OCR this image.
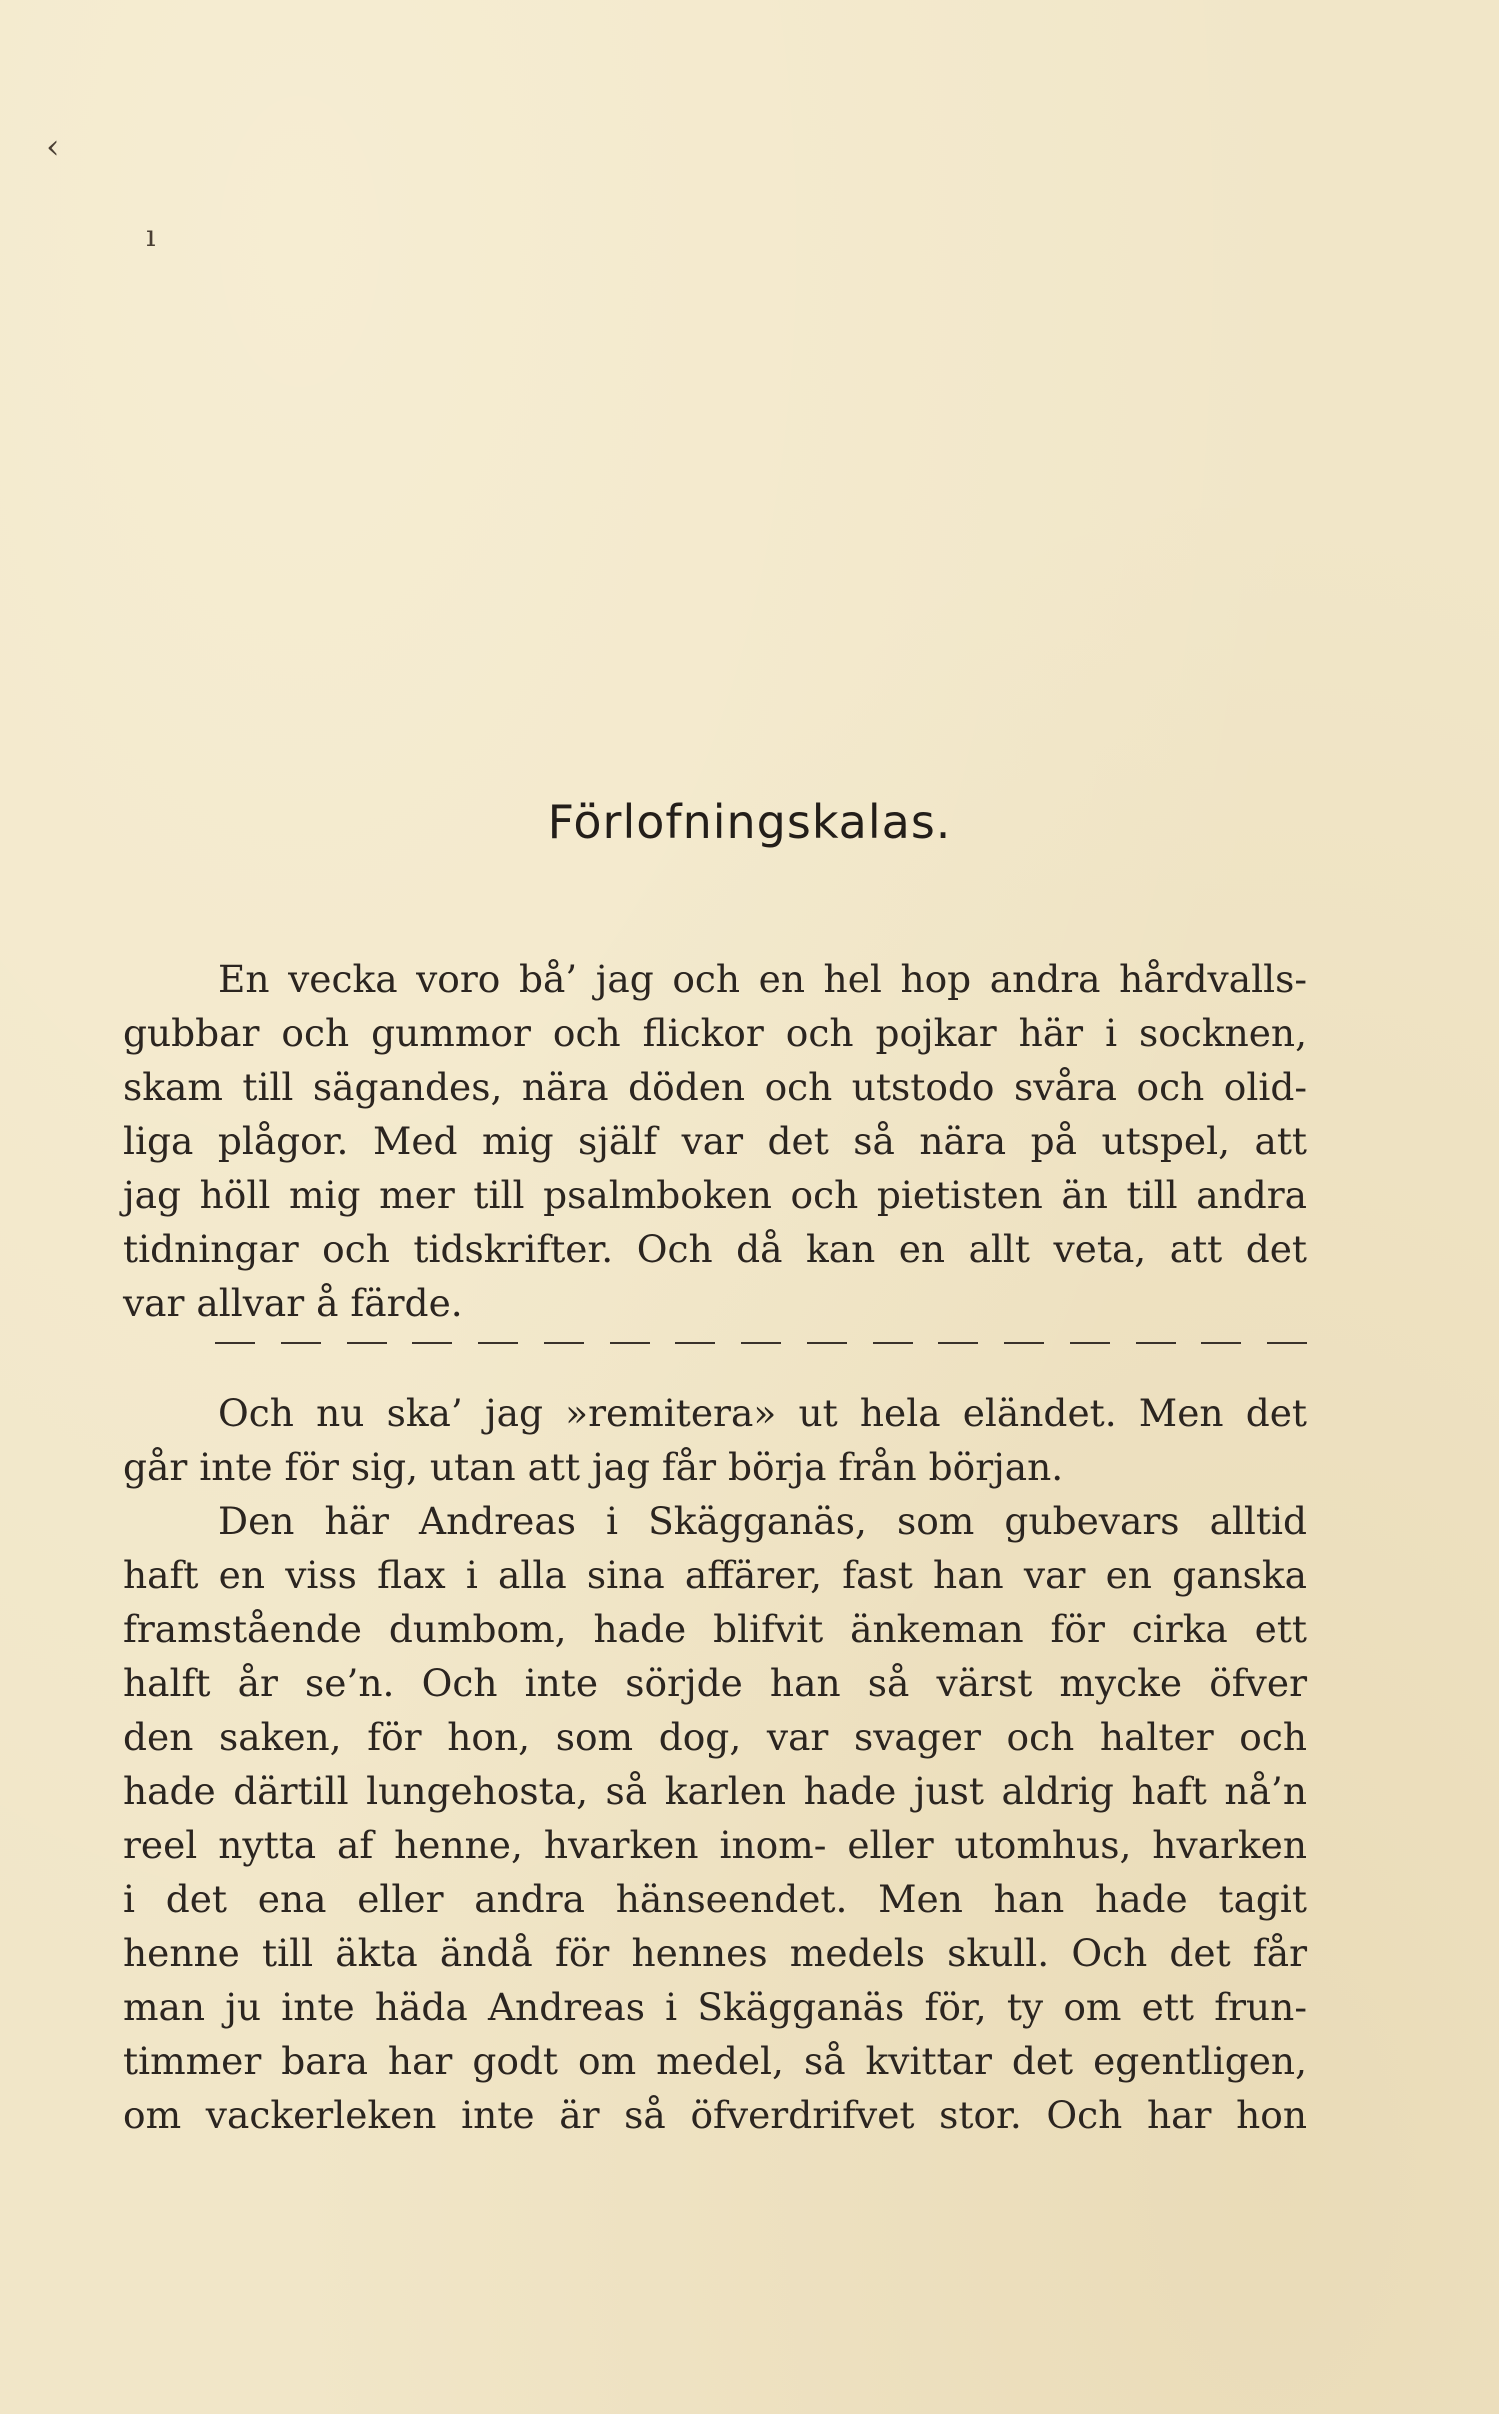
‹
ı
Förlofningskalas.
En vecka voro bå’ jag och en hel hop andra hårdvalls-
gubbar och gummor och flickor och pojkar här i socknen,
skam till sägandes, nära döden och utstodo svåra och olid-
liga plågor. Med mig själf var det så nära på utspel, att
jag höll mig mer till psalmboken och pietisten än till andra
tidningar och tidskrifter. Och då kan en allt veta, att det
var allvar å färde.
Och nu ska’ jag »remitera» ut hela eländet. Men det
går inte för sig, utan att jag får börja från början.
Den här Andreas i Skägganäs, som gubevars alltid
haft en viss flax i alla sina affärer, fast han var en ganska
framstående dumbom, hade blifvit änkeman för cirka ett
halft år se’n. Och inte sörjde han så värst mycke öfver
den saken, för hon, som dog, var svager och halter och
hade därtill lungehosta, så karlen hade just aldrig haft nå’n
reel nytta af henne, hvarken inom- eller utomhus, hvarken
i det ena eller andra hänseendet. Men han hade tagit
henne till äkta ändå för hennes medels skull. Och det får
man ju inte häda Andreas i Skägganäs för, ty om ett frun-
timmer bara har godt om medel, så kvittar det egentligen,
om vackerleken inte är så öfverdrifvet stor. Och har hon
